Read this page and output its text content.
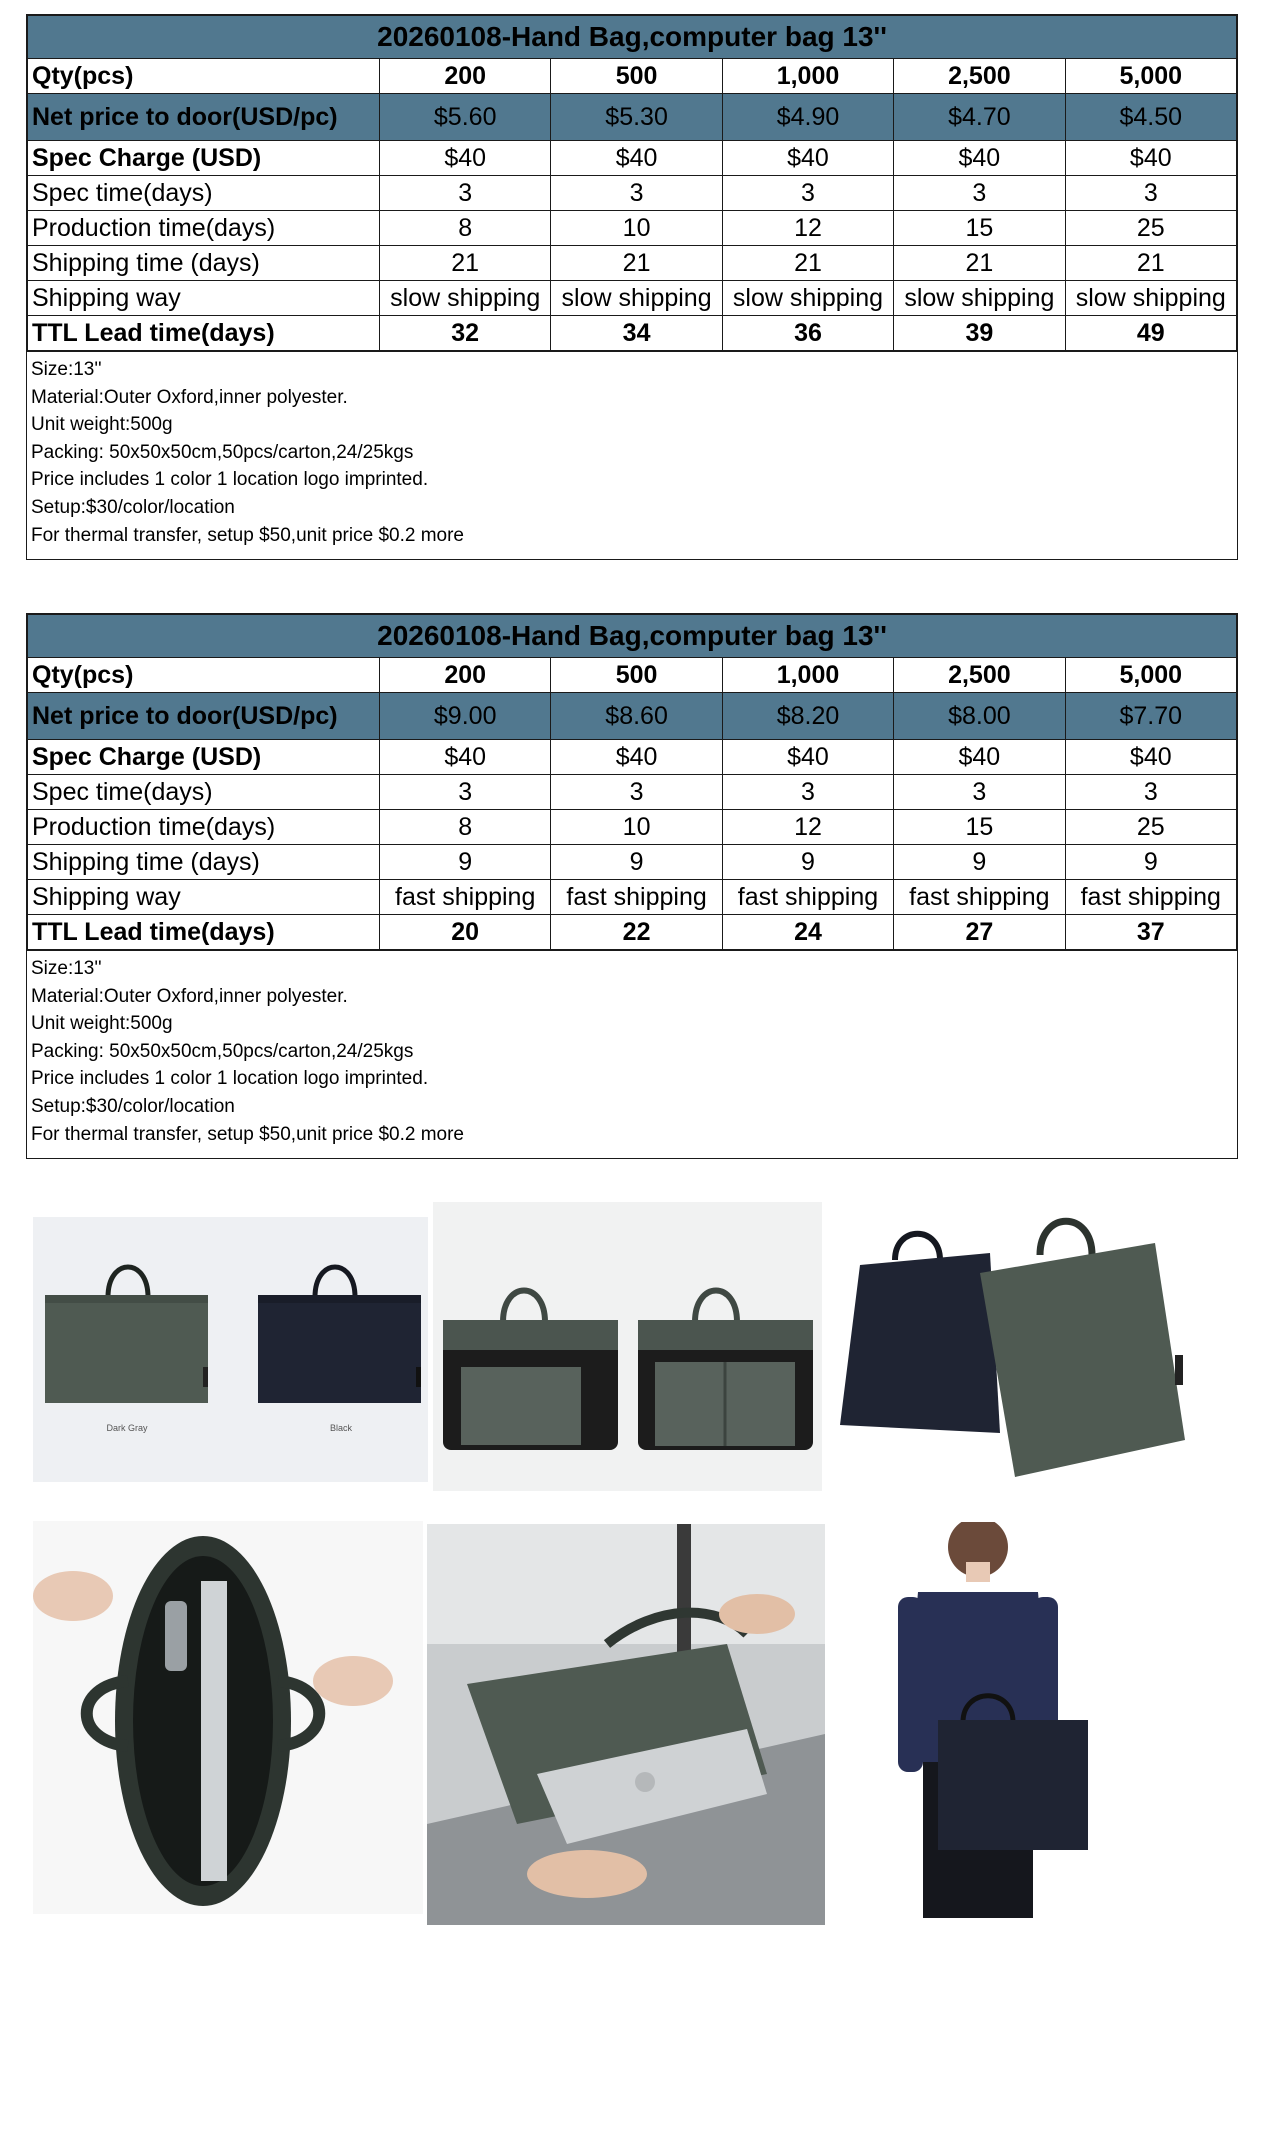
20260108-Hand Bag,computer bag 13''					
Qty(pcs)	200	500	1,000	2,500	5,000
Net price to door(USD/pc)	$5.60	$5.30	$4.90	$4.70	$4.50
Spec Charge (USD)	$40	$40	$40	$40	$40
Spec time(days)	3	3	3	3	3
Production time(days)	8	10	12	15	25
Shipping time (days)	21	21	21	21	21
Shipping way	slow shipping	slow shipping	slow shipping	slow shipping	slow shipping
TTL Lead time(days)	32	34	36	39	49
Size:13''
Material:Outer Oxford,inner polyester.
Unit weight:500g
Packing: 50x50x50cm,50pcs/carton,24/25kgs
Price includes 1 color 1 location logo imprinted.
Setup:$30/color/location
For thermal transfer, setup $50,unit price $0.2 more
20260108-Hand Bag,computer bag 13''					
Qty(pcs)	200	500	1,000	2,500	5,000
Net price to door(USD/pc)	$9.00	$8.60	$8.20	$8.00	$7.70
Spec Charge (USD)	$40	$40	$40	$40	$40
Spec time(days)	3	3	3	3	3
Production time(days)	8	10	12	15	25
Shipping time (days)	9	9	9	9	9
Shipping way	fast shipping	fast shipping	fast shipping	fast shipping	fast shipping
TTL Lead time(days)	20	22	24	27	37
Size:13''
Material:Outer Oxford,inner polyester.
Unit weight:500g
Packing: 50x50x50cm,50pcs/carton,24/25kgs
Price includes 1 color 1 location logo imprinted.
Setup:$30/color/location
For thermal transfer, setup $50,unit price $0.2 more
Dark Gray	Black
